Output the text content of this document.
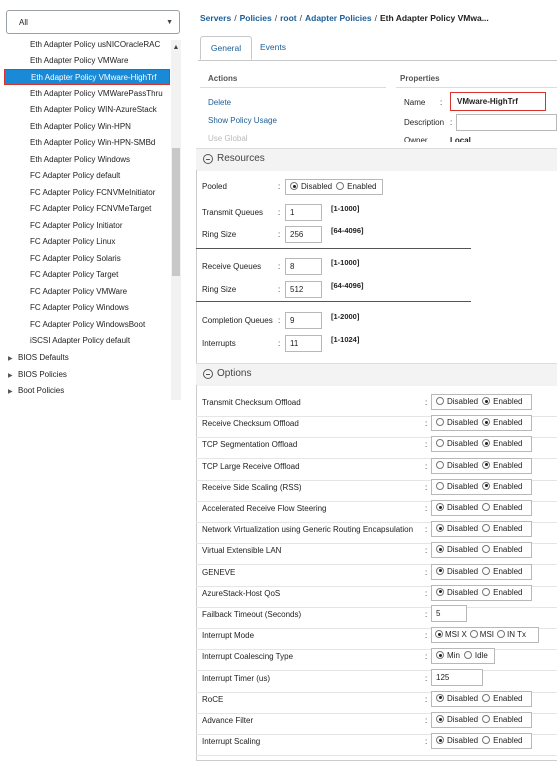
All	▼
Eth Adapter Policy usNICOracleRAC
Eth Adapter Policy VMWare
Eth Adapter Policy VMware-HighTrf
Eth Adapter Policy VMWarePassThru
Eth Adapter Policy WIN-AzureStack
Eth Adapter Policy Win-HPN
Eth Adapter Policy Win-HPN-SMBd
Eth Adapter Policy Windows
FC Adapter Policy default
FC Adapter Policy FCNVMeInitiator
FC Adapter Policy FCNVMeTarget
FC Adapter Policy Initiator
FC Adapter Policy Linux
FC Adapter Policy Solaris
FC Adapter Policy Target
FC Adapter Policy VMWare
FC Adapter Policy Windows
FC Adapter Policy WindowsBoot
iSCSI Adapter Policy default
▶ BIOS Defaults
▶ BIOS Policies
▶ Boot Policies
▲
Servers / Policies / root / Adapter Policies / Eth Adapter Policy VMwa...
General	Events
Actions
Delete
Show Policy Usage
Use Global
Properties
Name :	VMware-HighTrf
Description :
Owner	Local
Resources
Pooled	:	Disabled Enabled
Transmit Queues :	1	[1-1000]
Ring Size	:	256	[64-4096]
Receive Queues :	8	[1-1000]
Ring Size	:	512	[64-4096]
Completion Queues :	9	[1-2000]
Interrupts	:	11	[1-1024]
Options
Transmit Checksum Offload	:	Disabled Enabled
Receive Checksum Offload	:	Disabled Enabled
TCP Segmentation Offload	:	Disabled Enabled
TCP Large Receive Offload	:	Disabled Enabled
Receive Side Scaling (RSS)	:	Disabled Enabled
Accelerated Receive Flow Steering	:	Disabled Enabled
Network Virtualization using Generic Routing Encapsulation :	Disabled Enabled
Virtual Extensible LAN	:	Disabled Enabled
GENEVE	:	Disabled Enabled
AzureStack-Host QoS	:	Disabled Enabled
Failback Timeout (Seconds)	:	5
Interrupt Mode	:	MSI X MSI IN Tx
Interrupt Coalescing Type	:	Min Idle
Interrupt Timer (us)	:	125
RoCE	:	Disabled Enabled
Advance Filter	:	Disabled Enabled
Interrupt Scaling	:	Disabled Enabled
